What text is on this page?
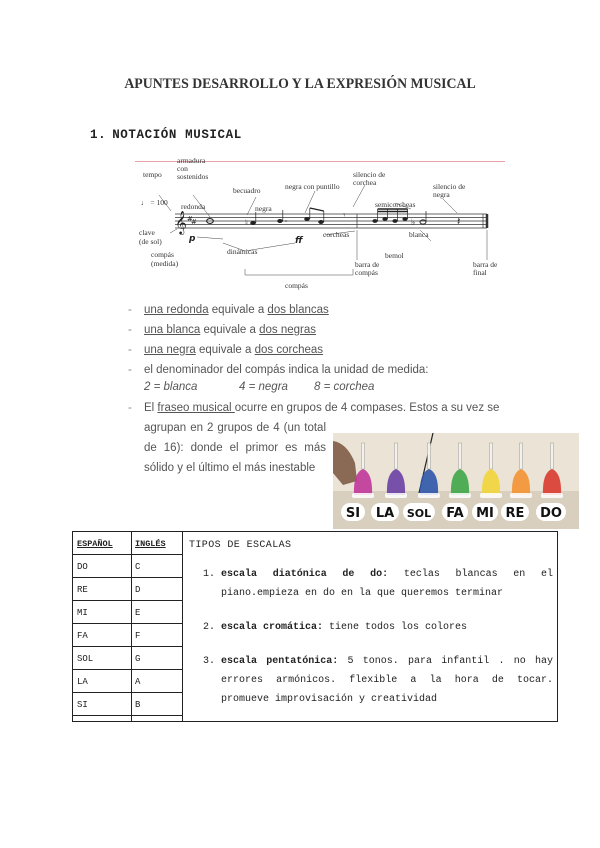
APUNTES DESARROLLO Y LA EXPRESIÓN MUSICAL
1. NOTACIÓN MUSICAL
𝄞 #
#	♮
𝄾
♭	𝄽
p	ff
tempo
♩ = 100
armadura con sostenidos
redonda
becuadro
negra
negra con puntillo
silencio de corchea
semicorcheas
silencio de negra
clave
(de sol)
compás
(medida)
dinámicas
corcheas	blanca
bemol
barra de compás
barra de final
compás
- una redonda equivale a dos blancas
- una blanca equivale a dos negras
- una negra equivale a dos corcheas
- el denominador del compás indica la unidad de medida:
2 = blanca	4 = negra 8 = corchea
- El fraseo musical ocurre en grupos de 4 compases. Estos a su vez se
agrupan en 2 grupos de 4 (un total de 16): donde el primor es más sólido y el último el más inestable
SI LA SOL FA MI RE DO
ESPAÑOL	INGLÉS
DO	C
RE	D
MI	E
FA	F
SOL	G
LA	A
SI	B
TIPOS DE ESCALAS
1. escala diatónica de do: teclas blancas en el piano.empieza en do en la que queremos terminar
2. escala cromática: tiene todos los colores
3. escala pentatónica: 5 tonos. para infantil . no hay errores armónicos. flexible a la hora de tocar. promueve improvisación y creatividad
